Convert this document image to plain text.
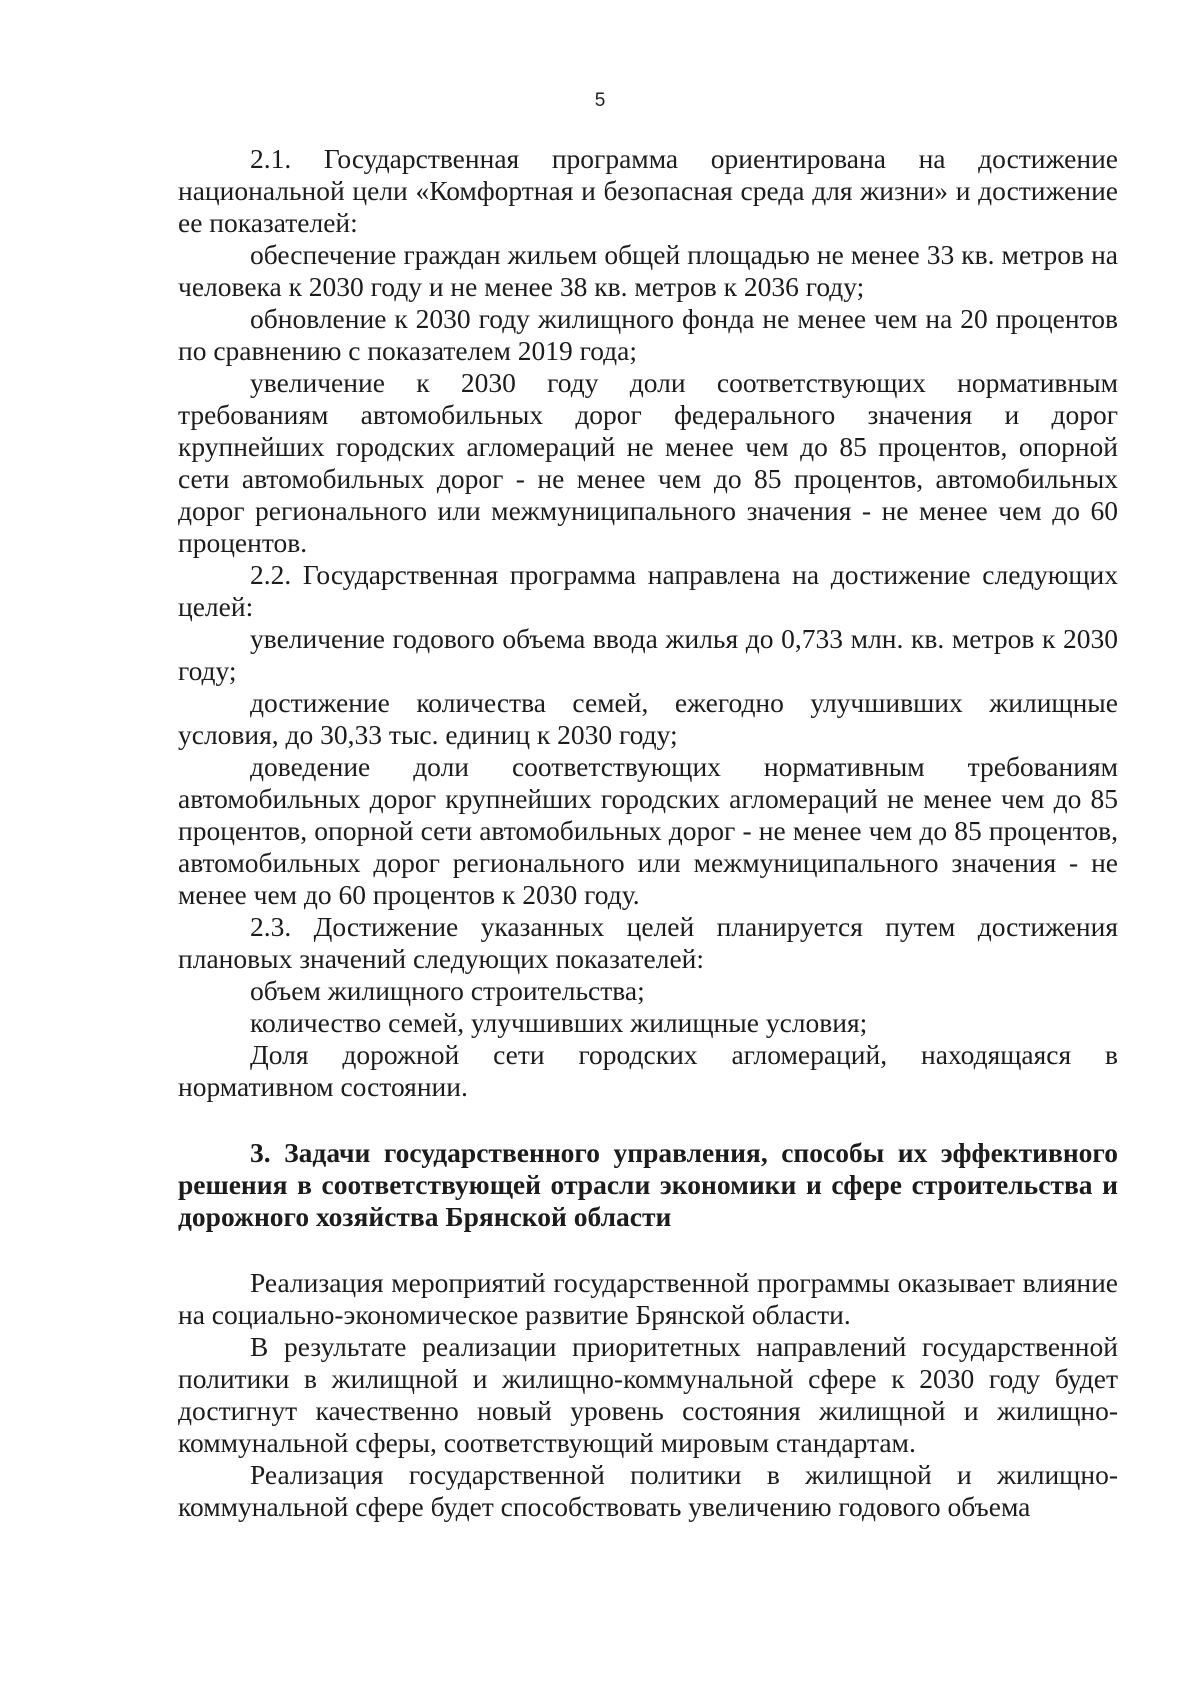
5

2.1. Государственная программа ориентирована на достижение национальной цели «Комфортная и безопасная среда для жизни» и достижение ее показателей:

обеспечение граждан жильем общей площадью не менее 33 кв. метров на человека к 2030 году и не менее 38 кв. метров к 2036 году;

обновление к 2030 году жилищного фонда не менее чем на 20 процентов по сравнению с показателем 2019 года;

увеличение к 2030 году доли соответствующих нормативным требованиям автомобильных дорог федерального значения и дорог крупнейших городских агломераций не менее чем до 85 процентов, опорной сети автомобильных дорог - не менее чем до 85 процентов, автомобильных дорог регионального или межмуниципального значения - не менее чем до 60 процентов.

2.2. Государственная программа направлена на достижение следующих целей:

увеличение годового объема ввода жилья до 0,733 млн. кв. метров к 2030 году;

достижение количества семей, ежегодно улучшивших жилищные условия, до 30,33 тыс. единиц к 2030 году;

доведение доли соответствующих нормативным требованиям автомобильных дорог крупнейших городских агломераций не менее чем до 85 процентов, опорной сети автомобильных дорог - не менее чем до 85 процентов, автомобильных дорог регионального или межмуниципального значения - не менее чем до 60 процентов к 2030 году.

2.3. Достижение указанных целей планируется путем достижения плановых значений следующих показателей:

объем жилищного строительства;

количество семей, улучшивших жилищные условия;

Доля дорожной сети городских агломераций, находящаяся в нормативном состоянии.

3. Задачи государственного управления, способы их эффективного решения в соответствующей отрасли экономики и сфере строительства и дорожного хозяйства Брянской области

Реализация мероприятий государственной программы оказывает влияние на социально-экономическое развитие Брянской области.

В результате реализации приоритетных направлений государственной политики в жилищной и жилищно-коммунальной сфере к 2030 году будет достигнут качественно новый уровень состояния жилищной и жилищно-коммунальной сферы, соответствующий мировым стандартам.

Реализация государственной политики в жилищной и жилищно-коммунальной сфере будет способствовать увеличению годового объема
